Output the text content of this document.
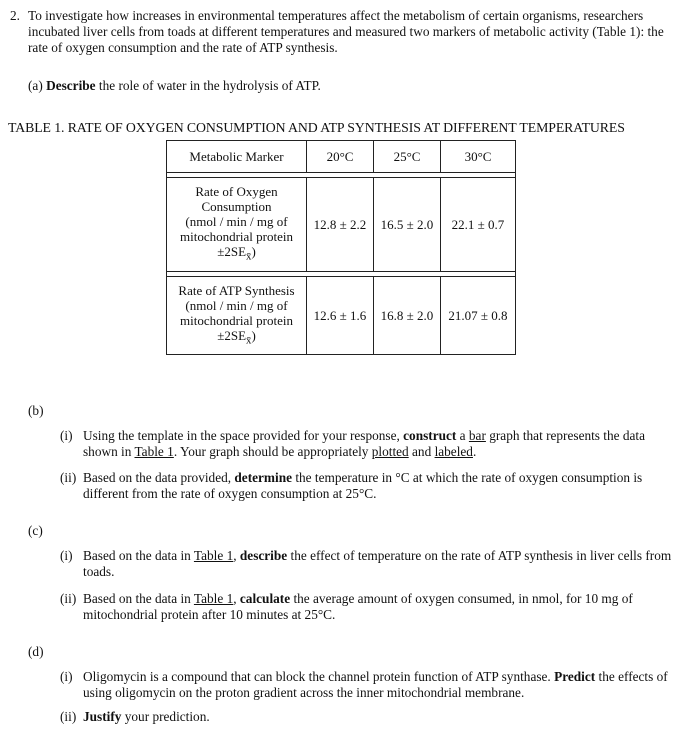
2. To investigate how increases in environmental temperatures affect the metabolism of certain organisms, researchers incubated liver cells from toads at different temperatures and measured two markers of metabolic activity (Table 1): the rate of oxygen consumption and the rate of ATP synthesis.
(a) Describe the role of water in the hydrolysis of ATP.
TABLE 1. RATE OF OXYGEN CONSUMPTION AND ATP SYNTHESIS AT DIFFERENT TEMPERATURES
Metabolic Marker	20°C	25°C	30°C

Rate of Oxygen
Consumption
(nmol / min / mg of
mitochondrial protein
$\pm 2SE_{x̄}$)	12.8 ± 2.2	16.5 ± 2.0	22.1 ± 0.7

Rate of ATP Synthesis
(nmol / min / mg of
mitochondrial protein
$\pm 2SE_{x̄}$)	12.6 ± 1.6	16.8 ± 2.0	21.07 ± 0.8
(b)
(i) Using the template in the space provided for your response, construct a bar graph that represents the data shown in Table 1. Your graph should be appropriately plotted and labeled.
(ii) Based on the data provided, determine the temperature in °C at which the rate of oxygen consumption is different from the rate of oxygen consumption at 25°C.
(c)
(i) Based on the data in Table 1, describe the effect of temperature on the rate of ATP synthesis in liver cells from toads.
(ii) Based on the data in Table 1, calculate the average amount of oxygen consumed, in nmol, for 10 mg of mitochondrial protein after 10 minutes at 25°C.
(d)
(i) Oligomycin is a compound that can block the channel protein function of ATP synthase. Predict the effects of using oligomycin on the proton gradient across the inner mitochondrial membrane.
(ii) Justify your prediction.
